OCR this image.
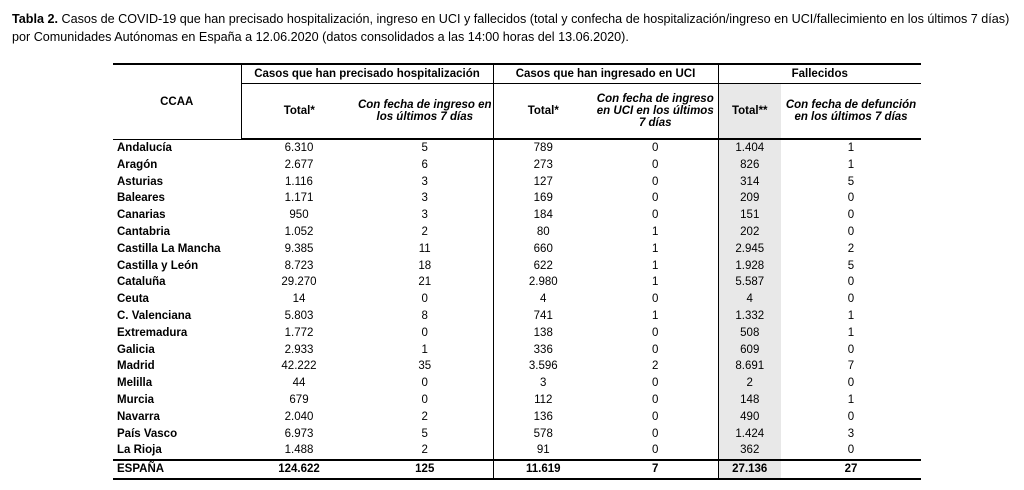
Tabla 2. Casos de COVID-19 que han precisado hospitalización, ingreso en UCI y fallecidos (total y confecha de hospitalización/ingreso en UCI/fallecimiento en los últimos 7 días) por Comunidades Autónomas en España a 12.06.2020 (datos consolidados a las 14:00 horas del 13.06.2020).
CCAA	Casos que han precisado hospitalización		Casos que han ingresado en UCI		Fallecidos	
	Total*	Con fecha de ingreso en los últimos 7 días	Total*	Con fecha de ingreso en UCI en los últimos 7 días	Total**	Con fecha de defunción en los últimos 7 días
Andalucía	6.310	5	789	0	1.404	1
Aragón	2.677	6	273	0	826	1
Asturias	1.116	3	127	0	314	5
Baleares	1.171	3	169	0	209	0
Canarias	950	3	184	0	151	0
Cantabria	1.052	2	80	1	202	0
Castilla La Mancha	9.385	11	660	1	2.945	2
Castilla y León	8.723	18	622	1	1.928	5
Cataluña	29.270	21	2.980	1	5.587	0
Ceuta	14	0	4	0	4	0
C. Valenciana	5.803	8	741	1	1.332	1
Extremadura	1.772	0	138	0	508	1
Galicia	2.933	1	336	0	609	0
Madrid	42.222	35	3.596	2	8.691	7
Melilla	44	0	3	0	2	0
Murcia	679	0	112	0	148	1
Navarra	2.040	2	136	0	490	0
País Vasco	6.973	5	578	0	1.424	3
La Rioja	1.488	2	91	0	362	0
ESPAÑA	124.622	125	11.619	7	27.136	27
